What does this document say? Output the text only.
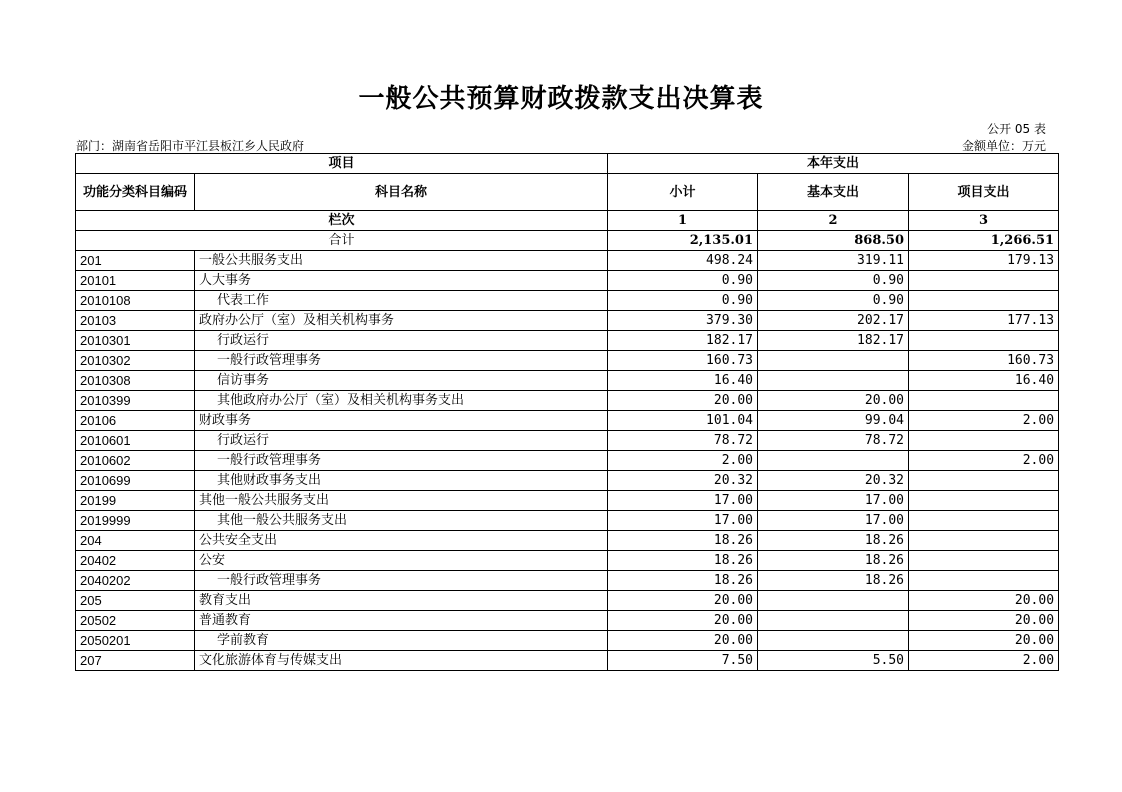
一般公共预算财政拨款支出决算表
公开 05 表
部门：湖南省岳阳市平江县板江乡人民政府	金额单位：万元
项目		本年支出		
功能分类科目编码	科目名称	小计	基本支出	项目支出
栏次		1	2	3
合计		2,135.01	868.50	1,266.51
201	一般公共服务支出	498.24	319.11	179.13
20101	人大事务	0.90	0.90	
2010108	代表工作	0.90	0.90	
20103	政府办公厅（室）及相关机构事务	379.30	202.17	177.13
2010301	行政运行	182.17	182.17	
2010302	一般行政管理事务	160.73		160.73
2010308	信访事务	16.40		16.40
2010399	其他政府办公厅（室）及相关机构事务支出	20.00	20.00	
20106	财政事务	101.04	99.04	2.00
2010601	行政运行	78.72	78.72	
2010602	一般行政管理事务	2.00		2.00
2010699	其他财政事务支出	20.32	20.32	
20199	其他一般公共服务支出	17.00	17.00	
2019999	其他一般公共服务支出	17.00	17.00	
204	公共安全支出	18.26	18.26	
20402	公安	18.26	18.26	
2040202	一般行政管理事务	18.26	18.26	
205	教育支出	20.00		20.00
20502	普通教育	20.00		20.00
2050201	学前教育	20.00		20.00
207	文化旅游体育与传媒支出	7.50	5.50	2.00
